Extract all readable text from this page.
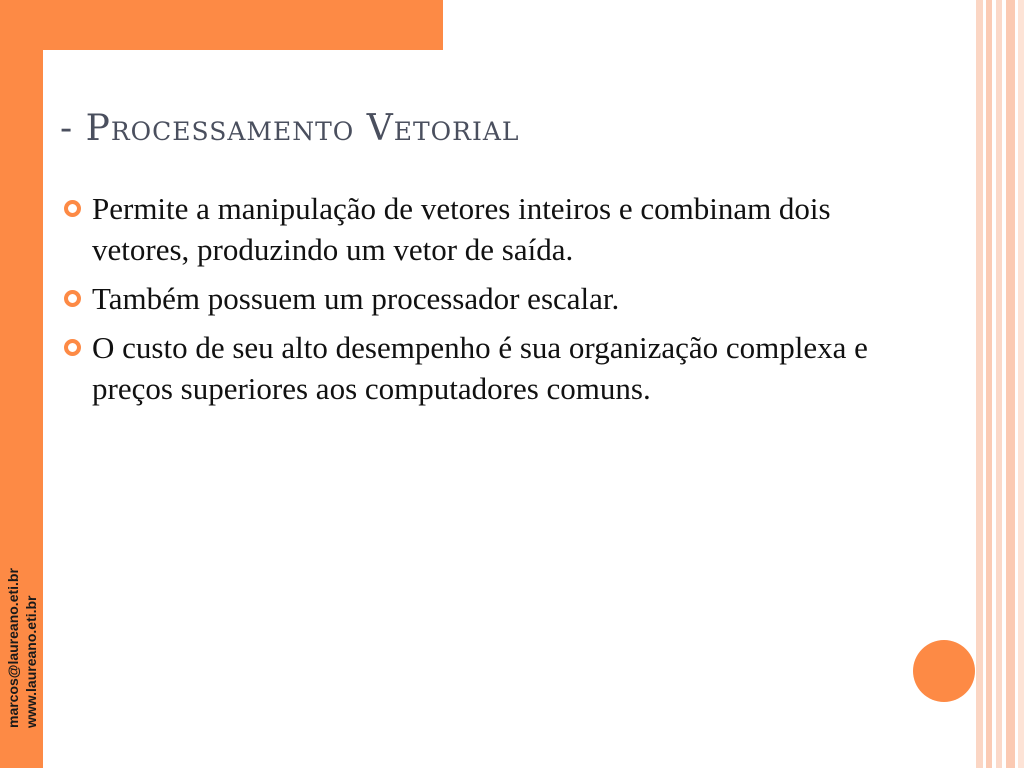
marcos@laureano.eti.br www.laureano.eti.br
- Processamento Vetorial
Permite a manipulação de vetores inteiros e combinam dois vetores, produzindo um vetor de saída.
Também possuem um processador escalar.
O custo de seu alto desempenho é sua organização complexa e preços superiores aos computadores comuns.
